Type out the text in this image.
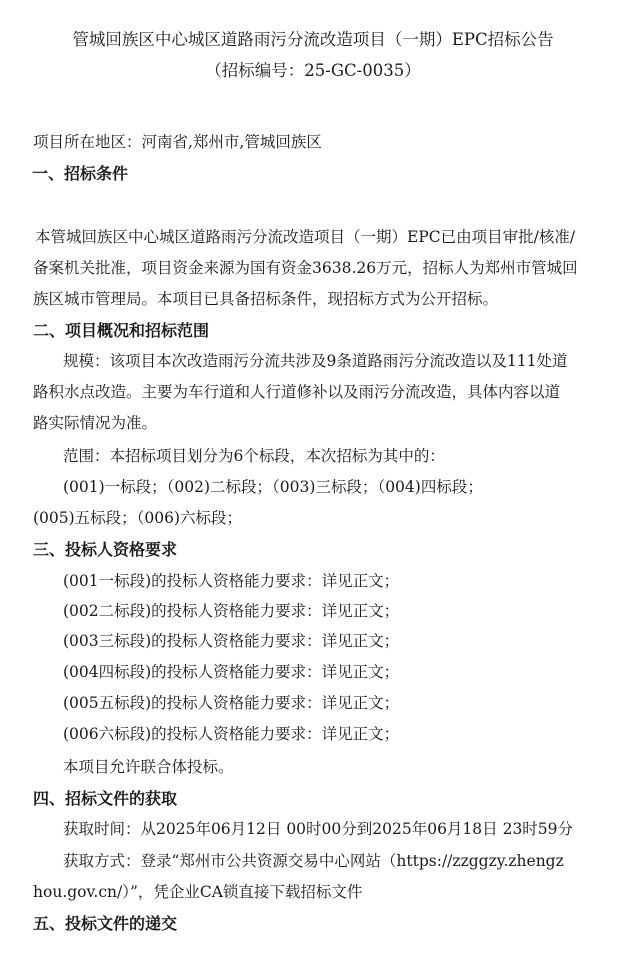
管城回族区中心城区道路雨污分流改造项目（一期）EPC招标公告
（招标编号：25-GC-0035）
项目所在地区：河南省,郑州市,管城回族区
一、招标条件
本管城回族区中心城区道路雨污分流改造项目（一期）EPC已由项目审批/核准/
备案机关批准，项目资金来源为国有资金3638.26万元，招标人为郑州市管城回
族区城市管理局。本项目已具备招标条件，现招标方式为公开招标。
二、项目概况和招标范围
规模：该项目本次改造雨污分流共涉及9条道路雨污分流改造以及111处道
路积水点改造。主要为车行道和人行道修补以及雨污分流改造，具体内容以道
路实际情况为准。
范围：本招标项目划分为6个标段，本次招标为其中的：
(001)一标段；（002)二标段；（003)三标段；（004)四标段；
(005)五标段；（006)六标段；
三、投标人资格要求
(001一标段)的投标人资格能力要求：详见正文；
(002二标段)的投标人资格能力要求：详见正文；
(003三标段)的投标人资格能力要求：详见正文；
(004四标段)的投标人资格能力要求：详见正文；
(005五标段)的投标人资格能力要求：详见正文；
(006六标段)的投标人资格能力要求：详见正文；
本项目允许联合体投标。
四、招标文件的获取
获取时间：从2025年06月12日 00时00分到2025年06月18日 23时59分
获取方式：登录“郑州市公共资源交易中心网站（https://zzggzy.zhengz
hou.gov.cn/）”，凭企业CA锁直接下载招标文件
五、投标文件的递交
